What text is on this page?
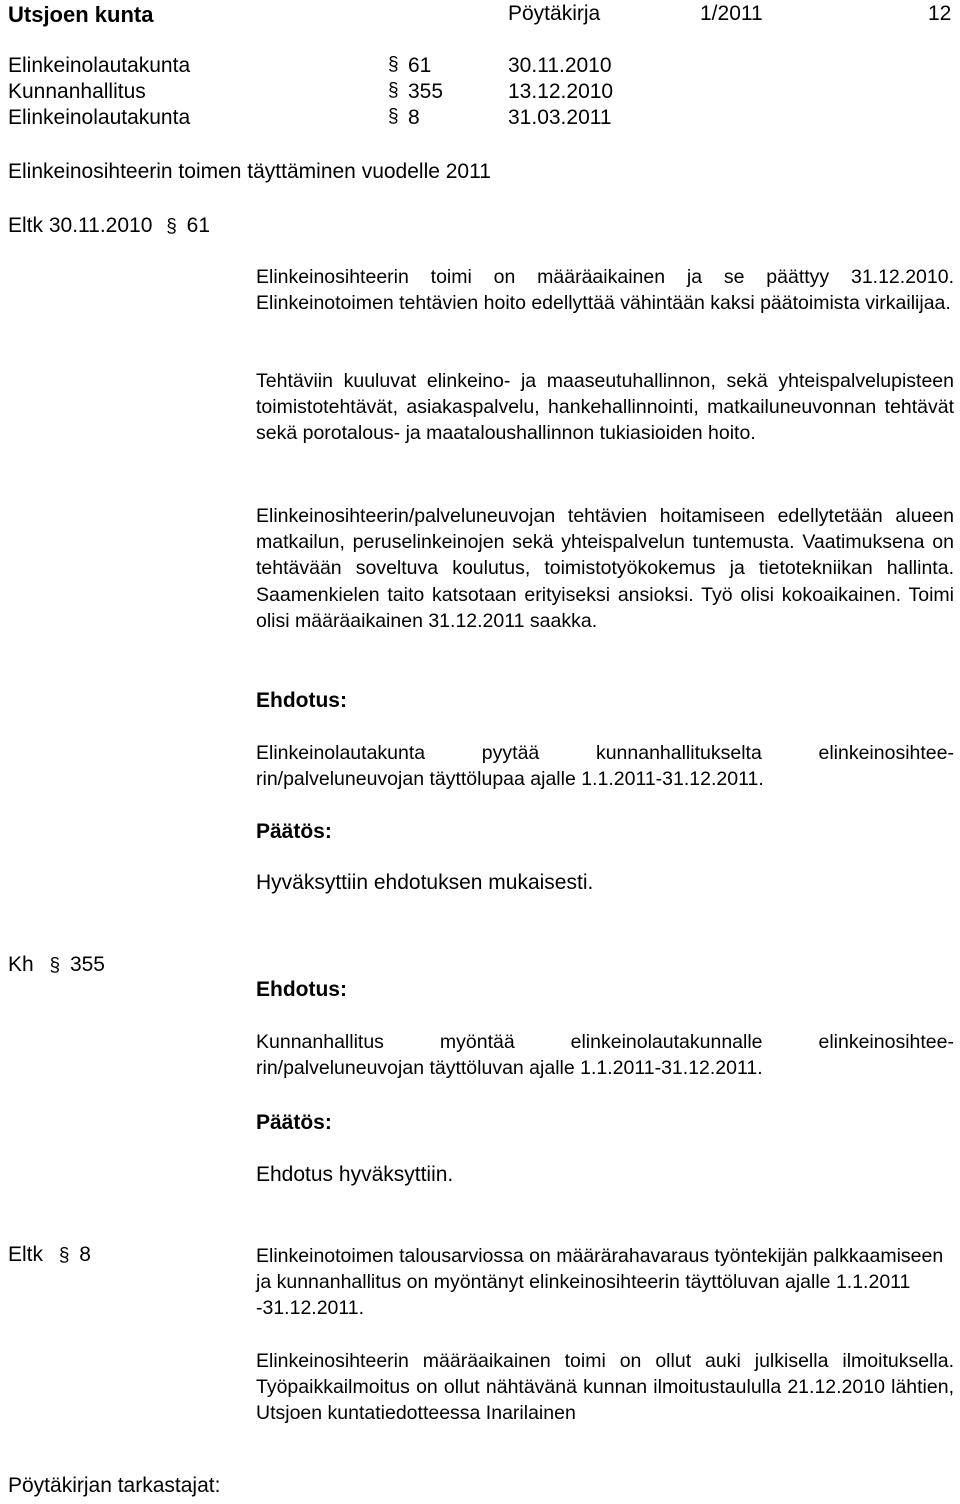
Utsjoen kunta	Pöytäkirja	1/2011	12
Elinkeinolautakunta	§ 61	30.11.2010
Kunnanhallitus	§ 355	13.12.2010
Elinkeinolautakunta	§ 8	31.03.2011
Elinkeinosihteerin toimen täyttäminen vuodelle 2011
Eltk 30.11.2010 § 61
Elinkeinosihteerin toimi on määräaikainen ja se päättyy 31.12.2010. Elinkeinotoimen tehtävien hoito edellyttää vähintään kaksi päätoimista virkailijaa.
Tehtäviin kuuluvat elinkeino- ja maaseutuhallinnon, sekä yhteispalvelupisteen toimistotehtävät, asiakaspalvelu, hankehallinnointi, matkailuneuvonnan tehtävät sekä porotalous- ja maataloushallinnon tukiasioiden hoito.
Elinkeinosihteerin/palveluneuvojan tehtävien hoitamiseen edellytetään alueen matkailun, peruselinkeinojen sekä yhteispalvelun tuntemusta. Vaatimuksena on tehtävään soveltuva koulutus, toimistotyökokemus ja tietotekniikan hallinta. Saamenkielen taito katsotaan erityiseksi ansioksi. Työ olisi kokoaikainen. Toimi olisi määräaikainen 31.12.2011 saakka.
Ehdotus:
Elinkeinolautakunta pyytää kunnanhallitukselta elinkeinosihteerin/palveluneuvojan täyttölupaa ajalle 1.1.2011-31.12.2011.
Päätös:
Hyväksyttiin ehdotuksen mukaisesti.
Kh § 355
Ehdotus:
Kunnanhallitus myöntää elinkeinolautakunnalle elinkeinosihteerin/palveluneuvojan täyttöluvan ajalle 1.1.2011-31.12.2011.
Päätös:
Ehdotus hyväksyttiin.
Eltk § 8	Elinkeinotoimen talousarviossa on määrärahavaraus työntekijän palkkaamiseen ja kunnanhallitus on myöntänyt elinkeinosihteerin täyttöluvan ajalle 1.1.2011 -31.12.2011.
Elinkeinosihteerin määräaikainen toimi on ollut auki julkisella ilmoituksella. Työpaikkailmoitus on ollut nähtävänä kunnan ilmoitustaululla 21.12.2010 lähtien, Utsjoen kuntatiedotteessa Inarilainen
Pöytäkirjan tarkastajat:
